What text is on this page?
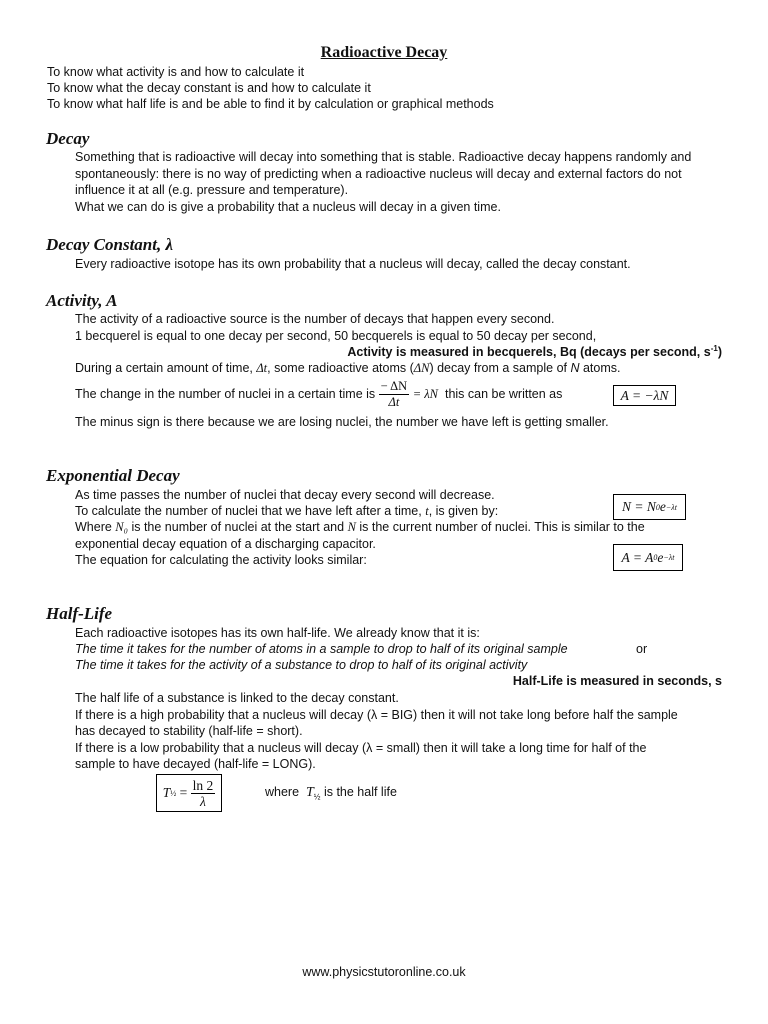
Radioactive Decay
To know what activity is and how to calculate it
To know what the decay constant is and how to calculate it
To know what half life is and be able to find it by calculation or graphical methods
Decay
Something that is radioactive will decay into something that is stable. Radioactive decay happens randomly and spontaneously: there is no way of predicting when a radioactive nucleus will decay and external factors do not influence it at all (e.g. pressure and temperature).
What we can do is give a probability that a nucleus will decay in a given time.
Decay Constant, λ
Every radioactive isotope has its own probability that a nucleus will decay, called the decay constant.
Activity, A
The activity of a radioactive source is the number of decays that happen every second.
1 becquerel is equal to one decay per second, 50 becquerels is equal to 50 decay per second,
Activity is measured in becquerels, Bq (decays per second, $s^{-1}$)
During a certain amount of time, Δt, some radioactive atoms (ΔN) decay from a sample of N atoms.
The change in the number of nuclei in a certain time is $\frac{- \Delta N}{\Delta t} = \lambda N$ this can be written as	A = −λN
The minus sign is there because we are losing nuclei, the number we have left is getting smaller.
Exponential Decay
As time passes the number of nuclei that decay every second will decrease.
To calculate the number of nuclei that we have left after a time, t, is given by:
Where N₀ is the number of nuclei at the start and N is the current number of nuclei. This is similar to the
exponential decay equation of a discharging capacitor.
The equation for calculating the activity looks similar:
N = N 0 e −λt
A = A 0 e −λt
Half-Life
Each radioactive isotopes has its own half-life. We already know that it is:
The time it takes for the number of atoms in a sample to drop to half of its original sample	or
The time it takes for the activity of a substance to drop to half of its original activity
Half-Life is measured in seconds, s
The half life of a substance is linked to the decay constant.
If there is a high probability that a nucleus will decay (λ = BIG) then it will not take long before half the sample
has decayed to stability (half-life = short).
If there is a low probability that a nucleus will decay (λ = small) then it will take a long time for half of the
sample to have decayed (half-life = LONG).
T ½ = $\frac{\ln 2}{\lambda}$	where $T_{\frac{1}{2}}$ is the half life
www.physicstutoronline.co.uk
